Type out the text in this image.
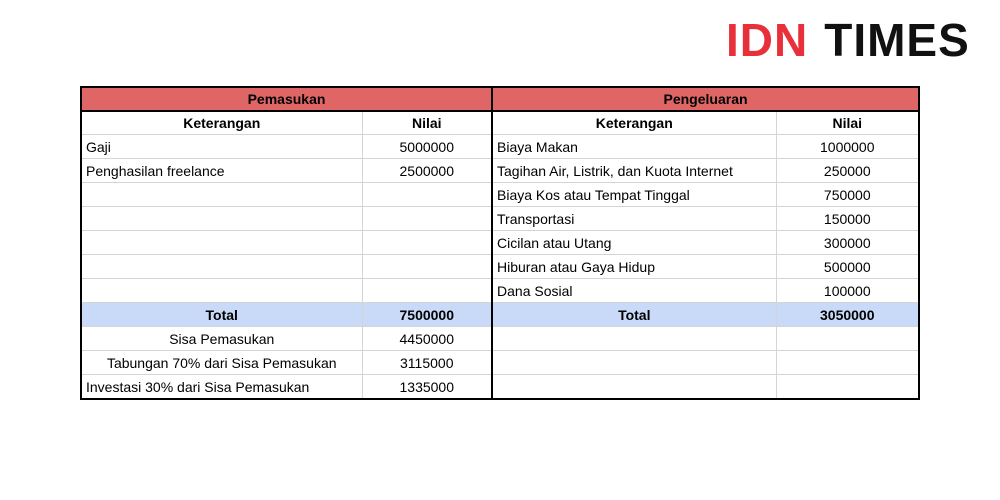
IDN TIMES
Pemasukan		Pengeluaran	
Keterangan	Nilai	Keterangan	Nilai
Gaji	5000000	Biaya Makan	1000000
Penghasilan freelance	2500000	Tagihan Air, Listrik, dan Kuota Internet	250000
		Biaya Kos atau Tempat Tinggal	750000
		Transportasi	150000
		Cicilan atau Utang	300000
		Hiburan atau Gaya Hidup	500000
		Dana Sosial	100000
Total	7500000	Total	3050000
Sisa Pemasukan	4450000		
Tabungan 70% dari Sisa Pemasukan	3115000		
Investasi 30% dari Sisa Pemasukan	1335000		
